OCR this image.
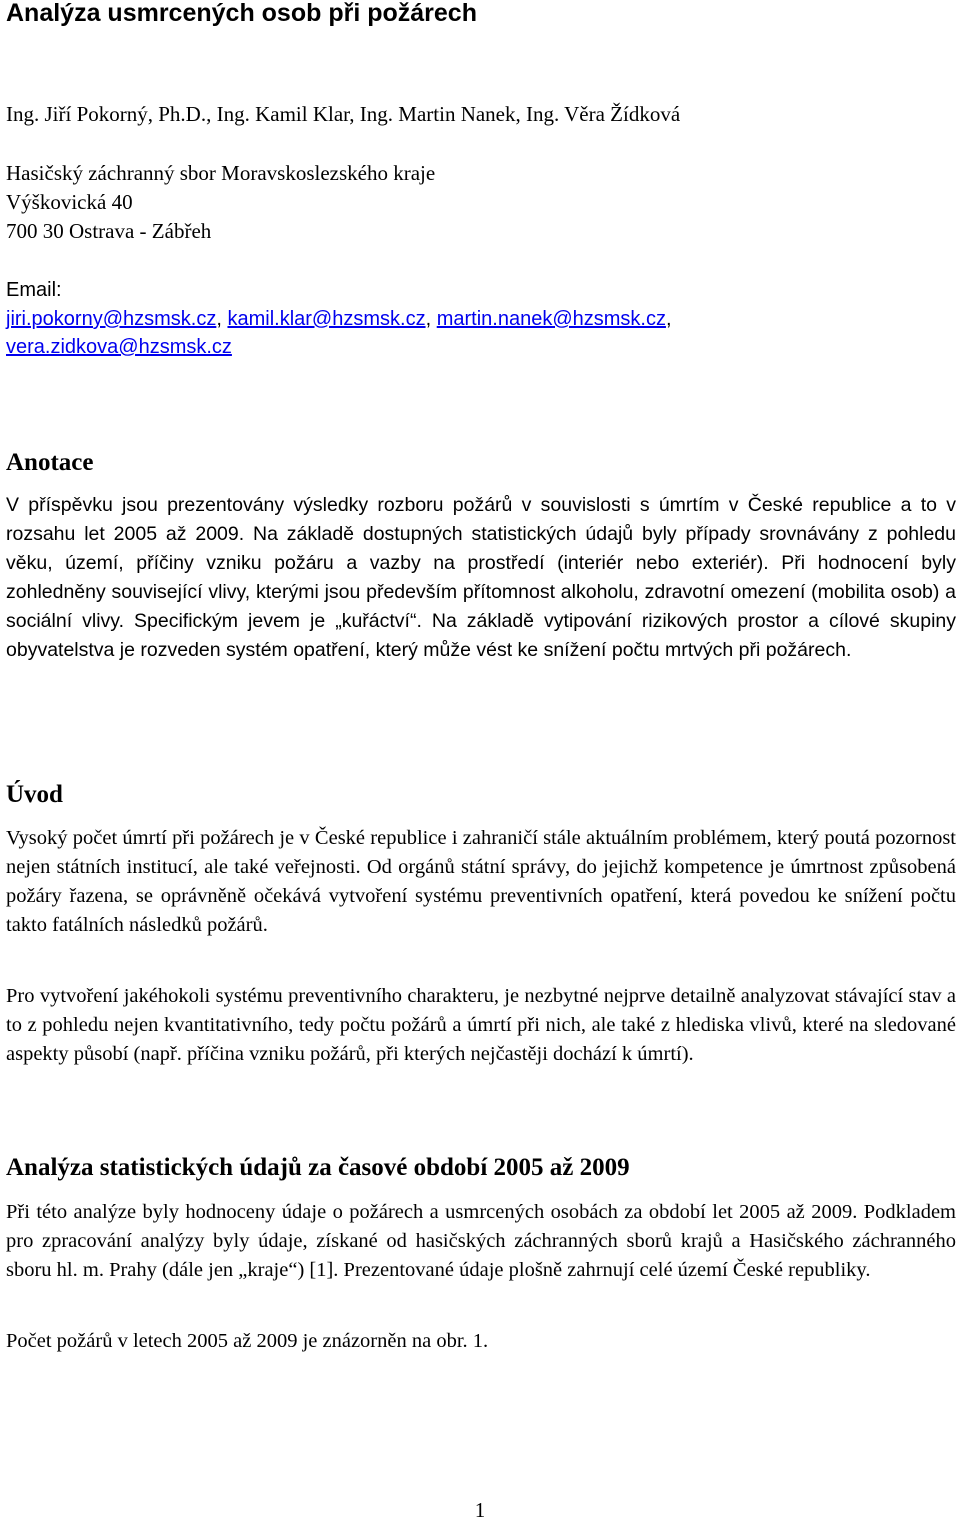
Analýza usmrcených osob při požárech
Ing. Jiří Pokorný, Ph.D., Ing. Kamil Klar, Ing. Martin Nanek, Ing. Věra Žídková
Hasičský záchranný sbor Moravskoslezského kraje
Výškovická 40
700 30 Ostrava - Zábřeh
Email:
jiri.pokorny@hzsmsk.cz, kamil.klar@hzsmsk.cz, martin.nanek@hzsmsk.cz,
vera.zidkova@hzsmsk.cz
Anotace

V příspěvku jsou prezentovány výsledky rozboru požárů v souvislosti s úmrtím v České republice a to v rozsahu let 2005 až 2009. Na základě dostupných statistických údajů byly případy srovnávány z pohledu věku, území, příčiny vzniku požáru a vazby na prostředí (interiér nebo exteriér). Při hodnocení byly zohledněny související vlivy, kterými jsou především přítomnost alkoholu, zdravotní omezení (mobilita osob) a sociální vlivy. Specifickým jevem je „kuřáctví“. Na základě vytipování rizikových prostor a cílové skupiny obyvatelstva je rozveden systém opatření, který může vést ke snížení počtu mrtvých při požárech.

Úvod

Vysoký počet úmrtí při požárech je v České republice i zahraničí stále aktuálním problémem, který poutá pozornost nejen státních institucí, ale také veřejnosti. Od orgánů státní správy, do jejichž kompetence je úmrtnost způsobená požáry řazena, se oprávněně očekává vytvoření systému preventivních opatření, která povedou ke snížení počtu takto fatálních následků požárů.

Pro vytvoření jakéhokoli systému preventivního charakteru, je nezbytné nejprve detailně analyzovat stávající stav a to z pohledu nejen kvantitativního, tedy počtu požárů a úmrtí při nich, ale také z hlediska vlivů, které na sledované aspekty působí (např. příčina vzniku požárů, při kterých nejčastěji dochází k úmrtí).

Analýza statistických údajů za časové období 2005 až 2009

Při této analýze byly hodnoceny údaje o požárech a usmrcených osobách za období let 2005 až 2009. Podkladem pro zpracování analýzy byly údaje, získané od hasičských záchranných sborů krajů a Hasičského záchranného sboru hl. m. Prahy (dále jen „kraje“) [1]. Prezentované údaje plošně zahrnují celé území České republiky.

Počet požárů v letech 2005 až 2009 je znázorněn na obr. 1.

1
